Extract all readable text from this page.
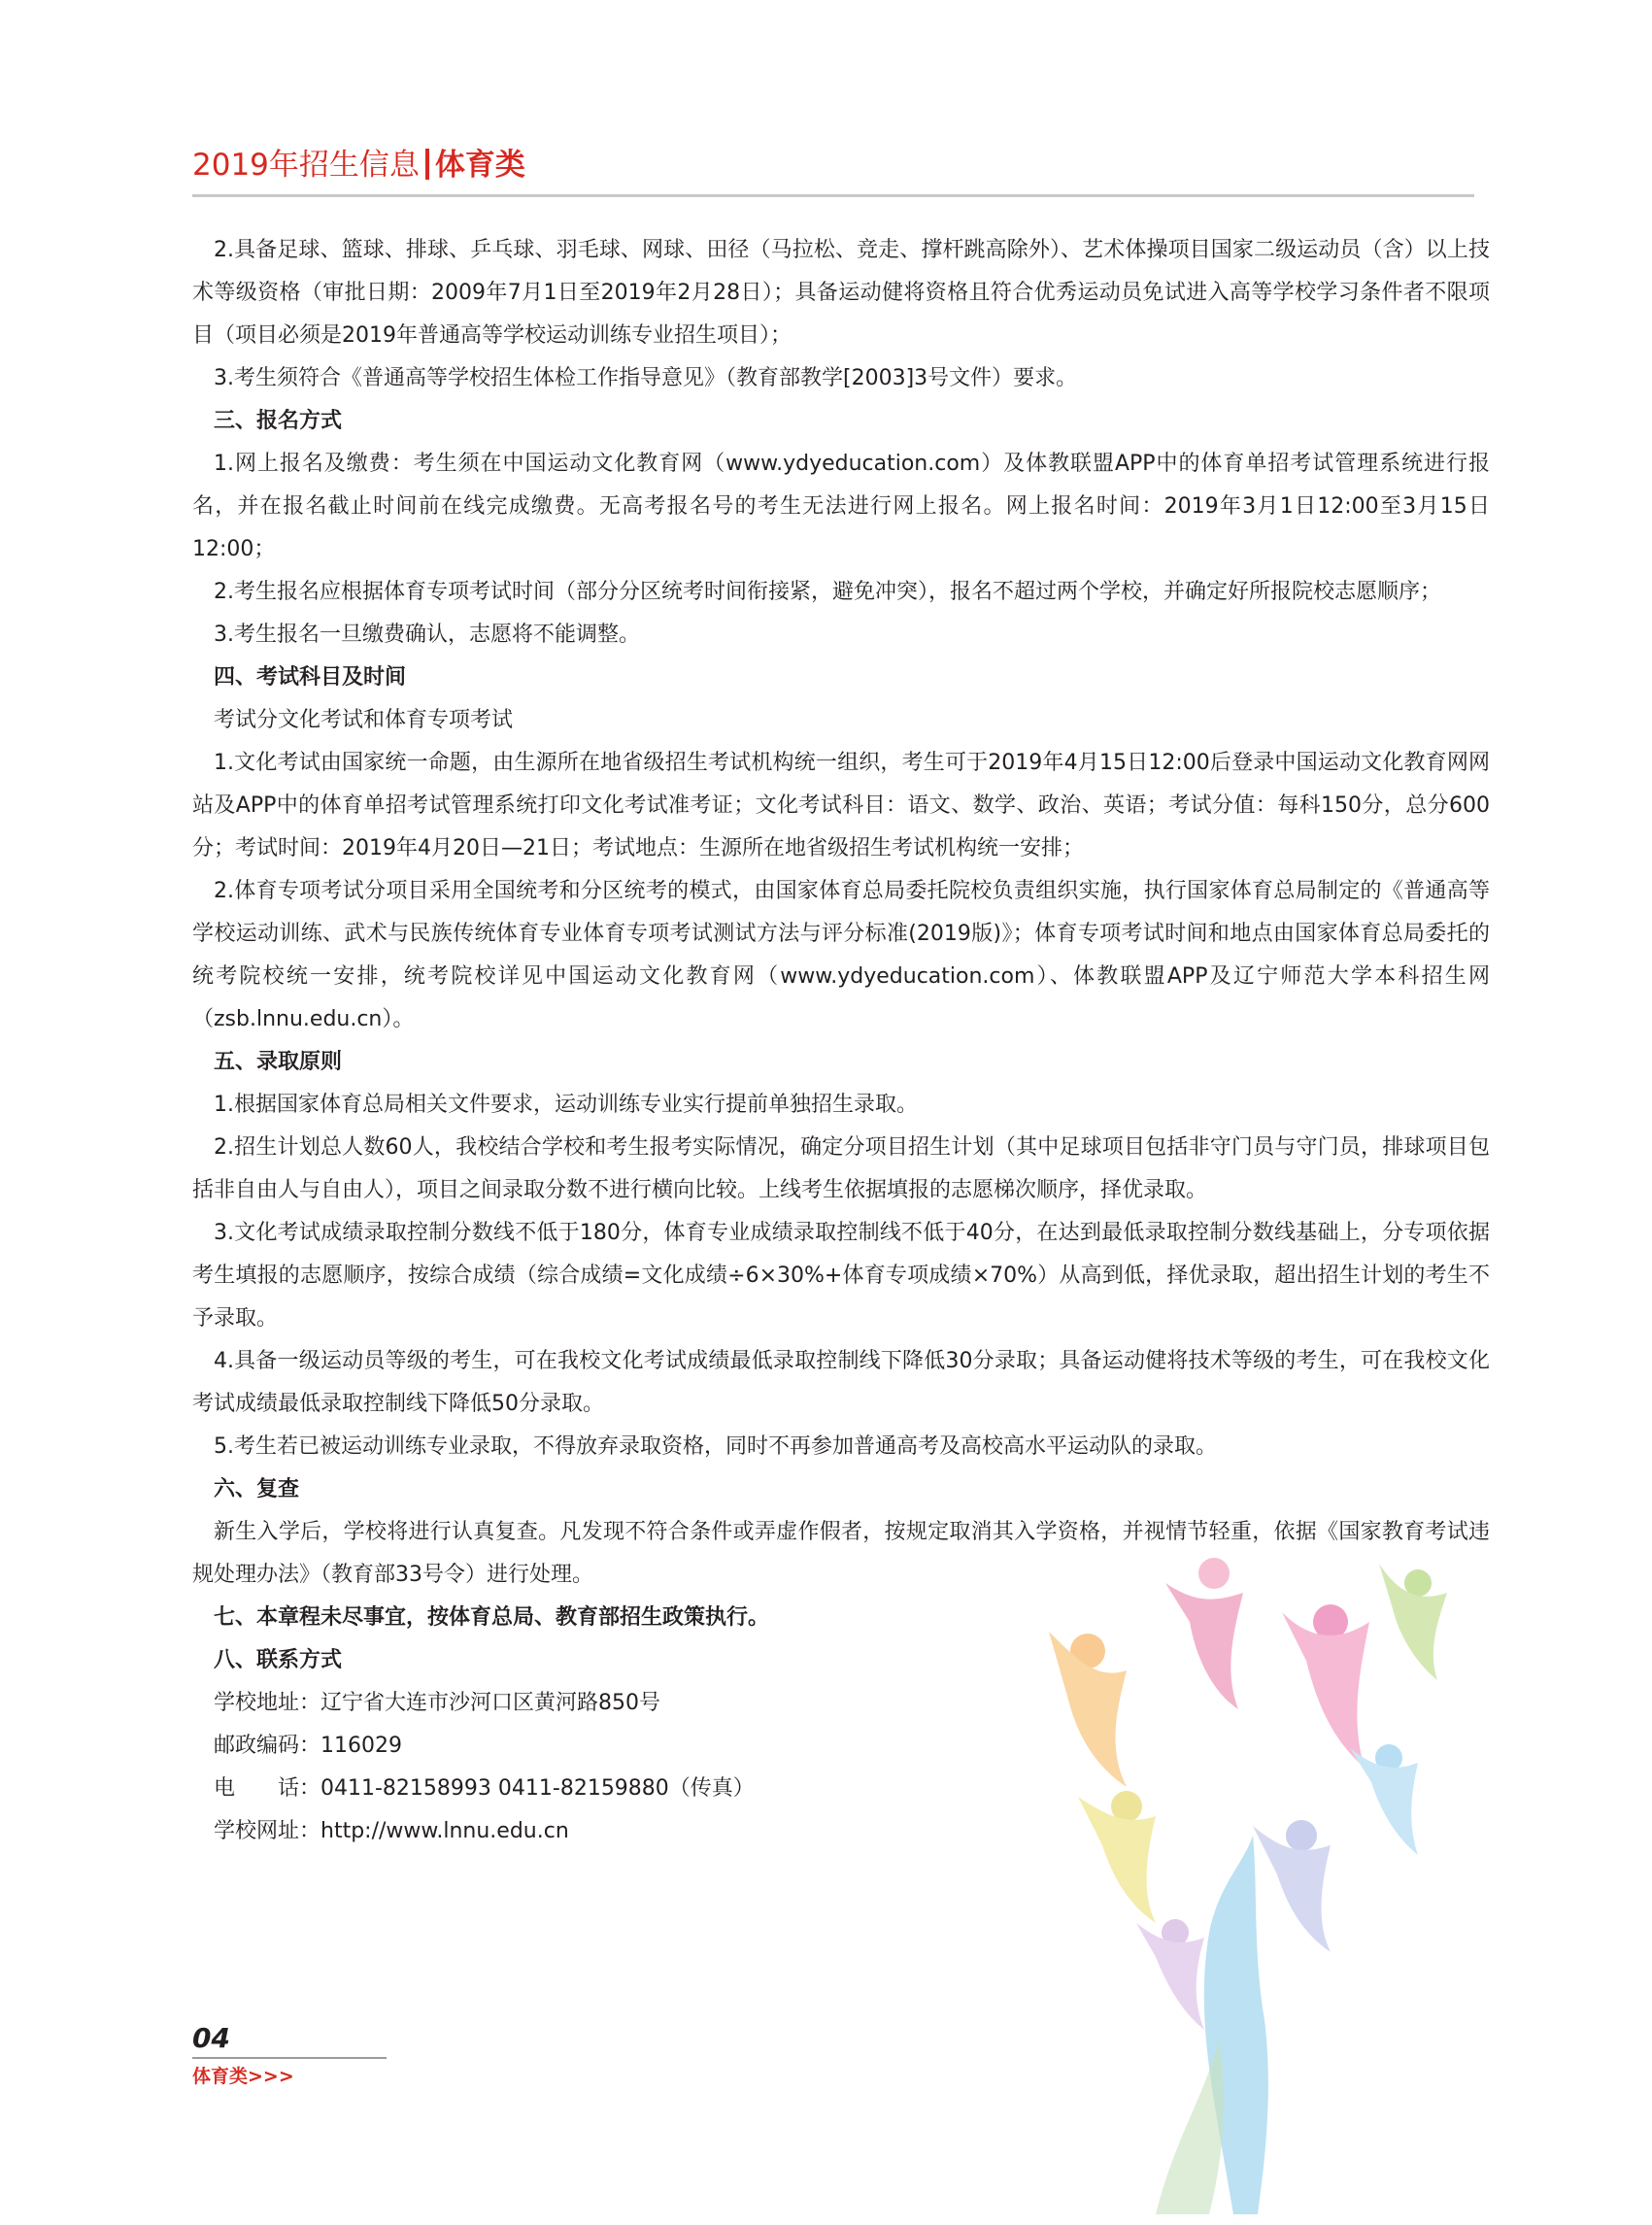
2019年招生信息 体育类

2.具备足球、篮球、排球、乒乓球、羽毛球、网球、田径（马拉松、竞走、撑杆跳高除外）、艺术体操项目国家二级运动员（含）以上技术等级资格（审批日期：2009年7月1日至2019年2月28日）；具备运动健将资格且符合优秀运动员免试进入高等学校学习条件者不限项目（项目必须是2019年普通高等学校运动训练专业招生项目）；

3.考生须符合《普通高等学校招生体检工作指导意见》（教育部教学[2003]3号文件）要求。

三、报名方式

1.网上报名及缴费：考生须在中国运动文化教育网（www.ydyeducation.com）及体教联盟APP中的体育单招考试管理系统进行报名，并在报名截止时间前在线完成缴费。无高考报名号的考生无法进行网上报名。网上报名时间：2019年3月1日12:00至3月15日12:00；

2.考生报名应根据体育专项考试时间（部分分区统考时间衔接紧，避免冲突），报名不超过两个学校，并确定好所报院校志愿顺序；

3.考生报名一旦缴费确认，志愿将不能调整。

四、考试科目及时间

考试分文化考试和体育专项考试

1.文化考试由国家统一命题，由生源所在地省级招生考试机构统一组织，考生可于2019年4月15日12:00后登录中国运动文化教育网网站及APP中的体育单招考试管理系统打印文化考试准考证；文化考试科目：语文、数学、政治、英语；考试分值：每科150分，总分600分；考试时间：2019年4月20日—21日；考试地点：生源所在地省级招生考试机构统一安排；

2.体育专项考试分项目采用全国统考和分区统考的模式，由国家体育总局委托院校负责组织实施，执行国家体育总局制定的《普通高等学校运动训练、武术与民族传统体育专业体育专项考试测试方法与评分标准(2019版)》；体育专项考试时间和地点由国家体育总局委托的统考院校统一安排，统考院校详见中国运动文化教育网（www.ydyeducation.com）、体教联盟APP及辽宁师范大学本科招生网（zsb.lnnu.edu.cn）。

五、录取原则

1.根据国家体育总局相关文件要求，运动训练专业实行提前单独招生录取。

2.招生计划总人数60人，我校结合学校和考生报考实际情况，确定分项目招生计划（其中足球项目包括非守门员与守门员，排球项目包括非自由人与自由人），项目之间录取分数不进行横向比较。上线考生依据填报的志愿梯次顺序，择优录取。

3.文化考试成绩录取控制分数线不低于180分，体育专业成绩录取控制线不低于40分，在达到最低录取控制分数线基础上，分专项依据考生填报的志愿顺序，按综合成绩（综合成绩=文化成绩÷6×30%+体育专项成绩×70%）从高到低，择优录取，超出招生计划的考生不予录取。

4.具备一级运动员等级的考生，可在我校文化考试成绩最低录取控制线下降低30分录取；具备运动健将技术等级的考生，可在我校文化考试成绩最低录取控制线下降低50分录取。

5.考生若已被运动训练专业录取，不得放弃录取资格，同时不再参加普通高考及高校高水平运动队的录取。

六、复查

新生入学后，学校将进行认真复查。凡发现不符合条件或弄虚作假者，按规定取消其入学资格，并视情节轻重，依据《国家教育考试违规处理办法》（教育部33号令）进行处理。

七、本章程未尽事宜，按体育总局、教育部招生政策执行。

八、联系方式

学校地址：辽宁省大连市沙河口区黄河路850号

邮政编码：116029

电　　话：0411-82158993 0411-82159880（传真）

学校网址：http://www.lnnu.edu.cn

04
体育类>>>
